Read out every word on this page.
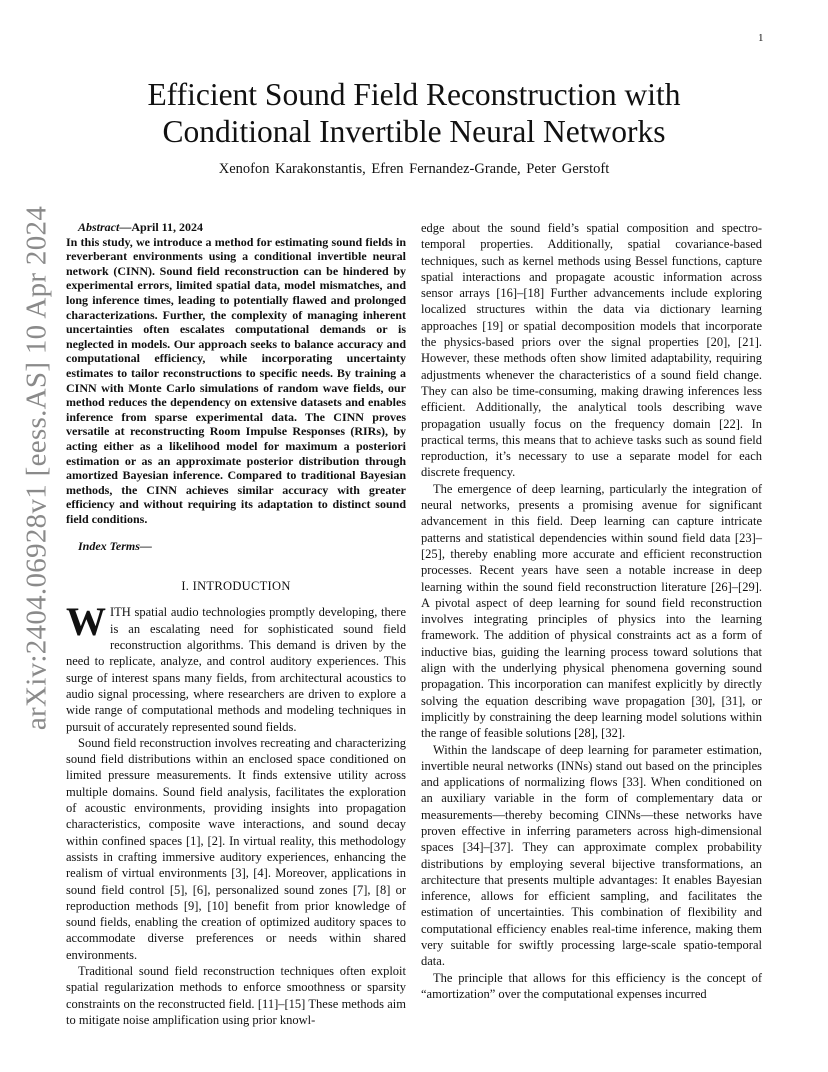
1
arXiv:2404.06928v1 [eess.AS] 10 Apr 2024
Efficient Sound Field Reconstruction with
Conditional Invertible Neural Networks
Xenofon Karakonstantis, Efren Fernandez-Grande, Peter Gerstoft

Abstract—April 11, 2024
In this study, we introduce a method for estimating sound fields in reverberant environments using a conditional invertible neural network (CINN). Sound field reconstruction can be hindered by experimental errors, limited spatial data, model mismatches, and long inference times, leading to potentially flawed and prolonged characterizations. Further, the complexity of managing inherent uncertainties often escalates computational demands or is neglected in models. Our approach seeks to balance accuracy and computational efficiency, while incorporating uncertainty estimates to tailor reconstructions to specific needs. By training a CINN with Monte Carlo simulations of random wave fields, our method reduces the dependency on extensive datasets and enables inference from sparse experimental data. The CINN proves versatile at reconstructing Room Impulse Responses (RIRs), by acting either as a likelihood model for maximum a posteriori estimation or as an approximate posterior distribution through amortized Bayesian inference. Compared to traditional Bayesian methods, the CINN achieves similar accuracy with greater efficiency and without requiring its adaptation to distinct sound field conditions.

Index Terms—

I. INTRODUCTION

WITH spatial audio technologies promptly developing, there is an escalating need for sophisticated sound field reconstruction algorithms. This demand is driven by the need to replicate, analyze, and control auditory experiences. This surge of interest spans many fields, from architectural acoustics to audio signal processing, where researchers are driven to explore a wide range of computational methods and modeling techniques in pursuit of accurately represented sound fields.

Sound field reconstruction involves recreating and characterizing sound field distributions within an enclosed space conditioned on limited pressure measurements. It finds extensive utility across multiple domains. Sound field analysis, facilitates the exploration of acoustic environments, providing insights into propagation characteristics, composite wave interactions, and sound decay within confined spaces [1], [2]. In virtual reality, this methodology assists in crafting immersive auditory experiences, enhancing the realism of virtual environments [3], [4]. Moreover, applications in sound field control [5], [6], personalized sound zones [7], [8] or reproduction methods [9], [10] benefit from prior knowledge of sound fields, enabling the creation of optimized auditory spaces to accommodate diverse preferences or needs within shared environments.

Traditional sound field reconstruction techniques often exploit spatial regularization methods to enforce smoothness or sparsity constraints on the reconstructed field. [11]–[15] These methods aim to mitigate noise amplification using prior knowl-

edge about the sound field’s spatial composition and spectro-temporal properties. Additionally, spatial covariance-based techniques, such as kernel methods using Bessel functions, capture spatial interactions and propagate acoustic information across sensor arrays [16]–[18] Further advancements include exploring localized structures within the data via dictionary learning approaches [19] or spatial decomposition models that incorporate the physics-based priors over the signal properties [20], [21]. However, these methods often show limited adaptability, requiring adjustments whenever the characteristics of a sound field change. They can also be time-consuming, making drawing inferences less efficient. Additionally, the analytical tools describing wave propagation usually focus on the frequency domain [22]. In practical terms, this means that to achieve tasks such as sound field reproduction, it’s necessary to use a separate model for each discrete frequency.

The emergence of deep learning, particularly the integration of neural networks, presents a promising avenue for significant advancement in this field. Deep learning can capture intricate patterns and statistical dependencies within sound field data [23]–[25], thereby enabling more accurate and efficient reconstruction processes. Recent years have seen a notable increase in deep learning within the sound field reconstruction literature [26]–[29]. A pivotal aspect of deep learning for sound field reconstruction involves integrating principles of physics into the learning framework. The addition of physical constraints act as a form of inductive bias, guiding the learning process toward solutions that align with the underlying physical phenomena governing sound propagation. This incorporation can manifest explicitly by directly solving the equation describing wave propagation [30], [31], or implicitly by constraining the deep learning model solutions within the range of feasible solutions [28], [32].

Within the landscape of deep learning for parameter estimation, invertible neural networks (INNs) stand out based on the principles and applications of normalizing flows [33]. When conditioned on an auxiliary variable in the form of complementary data or measurements—thereby becoming CINNs—these networks have proven effective in inferring parameters across high-dimensional spaces [34]–[37]. They can approximate complex probability distributions by employing several bijective transformations, an architecture that presents multiple advantages: It enables Bayesian inference, allows for efficient sampling, and facilitates the estimation of uncertainties. This combination of flexibility and computational efficiency enables real-time inference, making them very suitable for swiftly processing large-scale spatio-temporal data.

The principle that allows for this efficiency is the concept of “amortization” over the computational expenses incurred
